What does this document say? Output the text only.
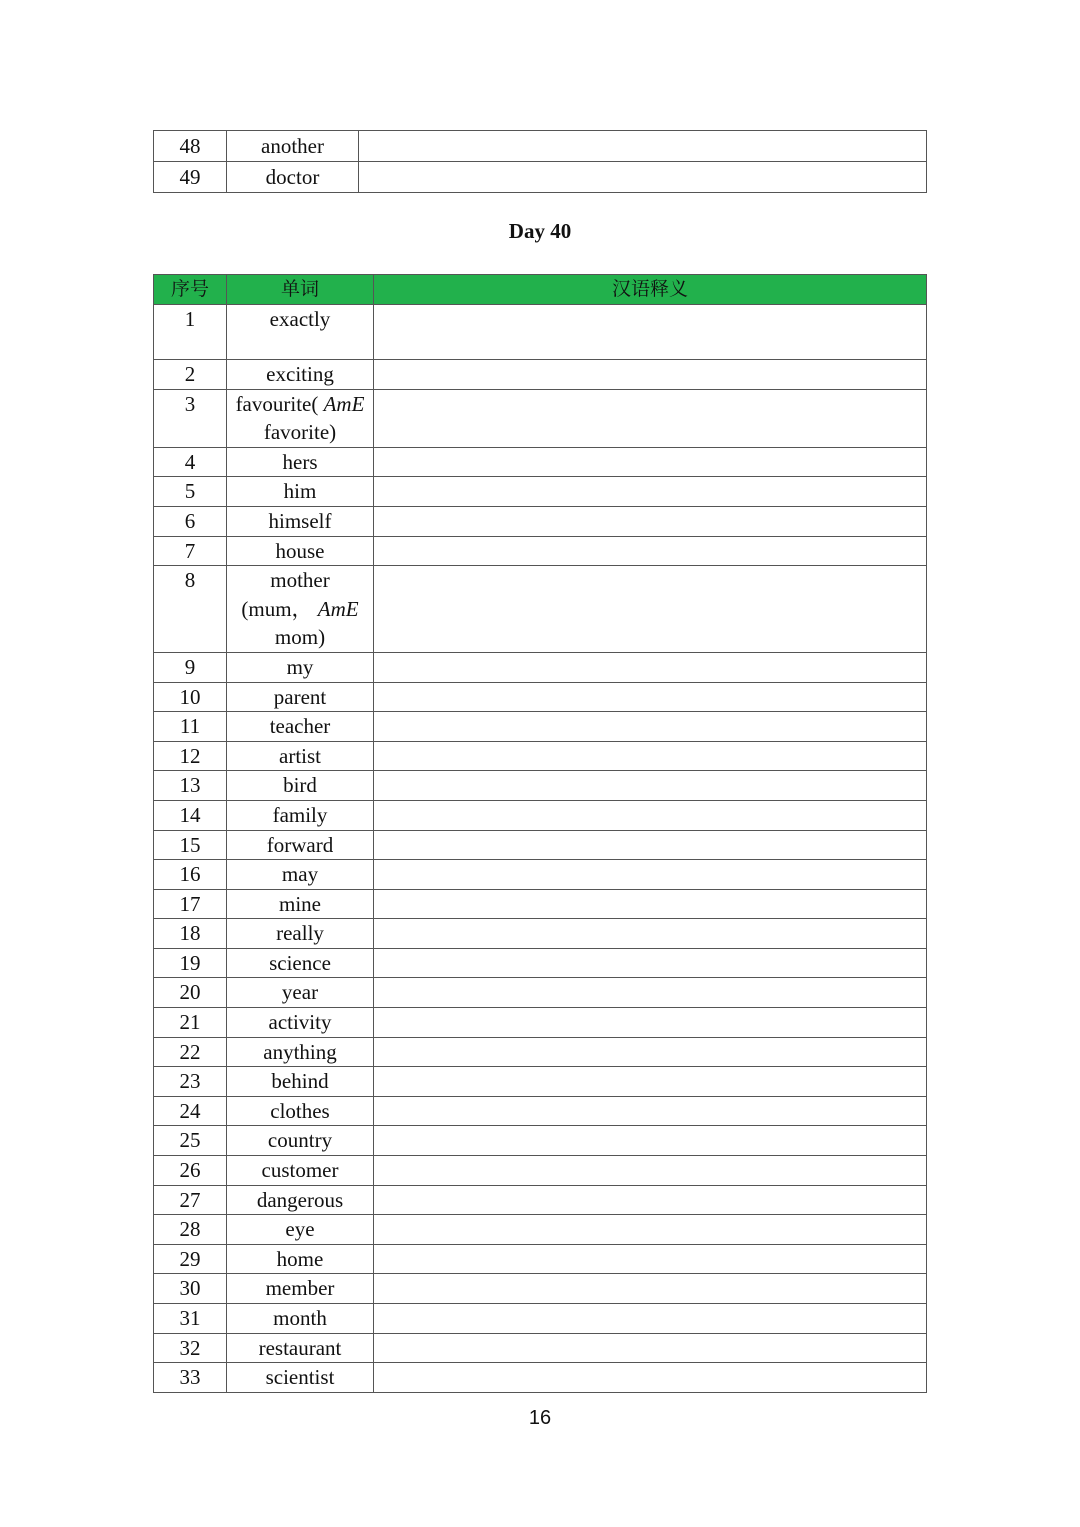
48	another	
49	doctor	
Day 40
序号	单词	汉语释义
1	exactly	
2	exciting	
3	favourite( AmE favorite)	
4	hers	
5	him	
6	himself	
7	house	
8	mother (mum， AmE mom)	
9	my	
10	parent	
11	teacher	
12	artist	
13	bird	
14	family	
15	forward	
16	may	
17	mine	
18	really	
19	science	
20	year	
21	activity	
22	anything	
23	behind	
24	clothes	
25	country	
26	customer	
27	dangerous	
28	eye	
29	home	
30	member	
31	month	
32	restaurant	
33	scientist	
16
